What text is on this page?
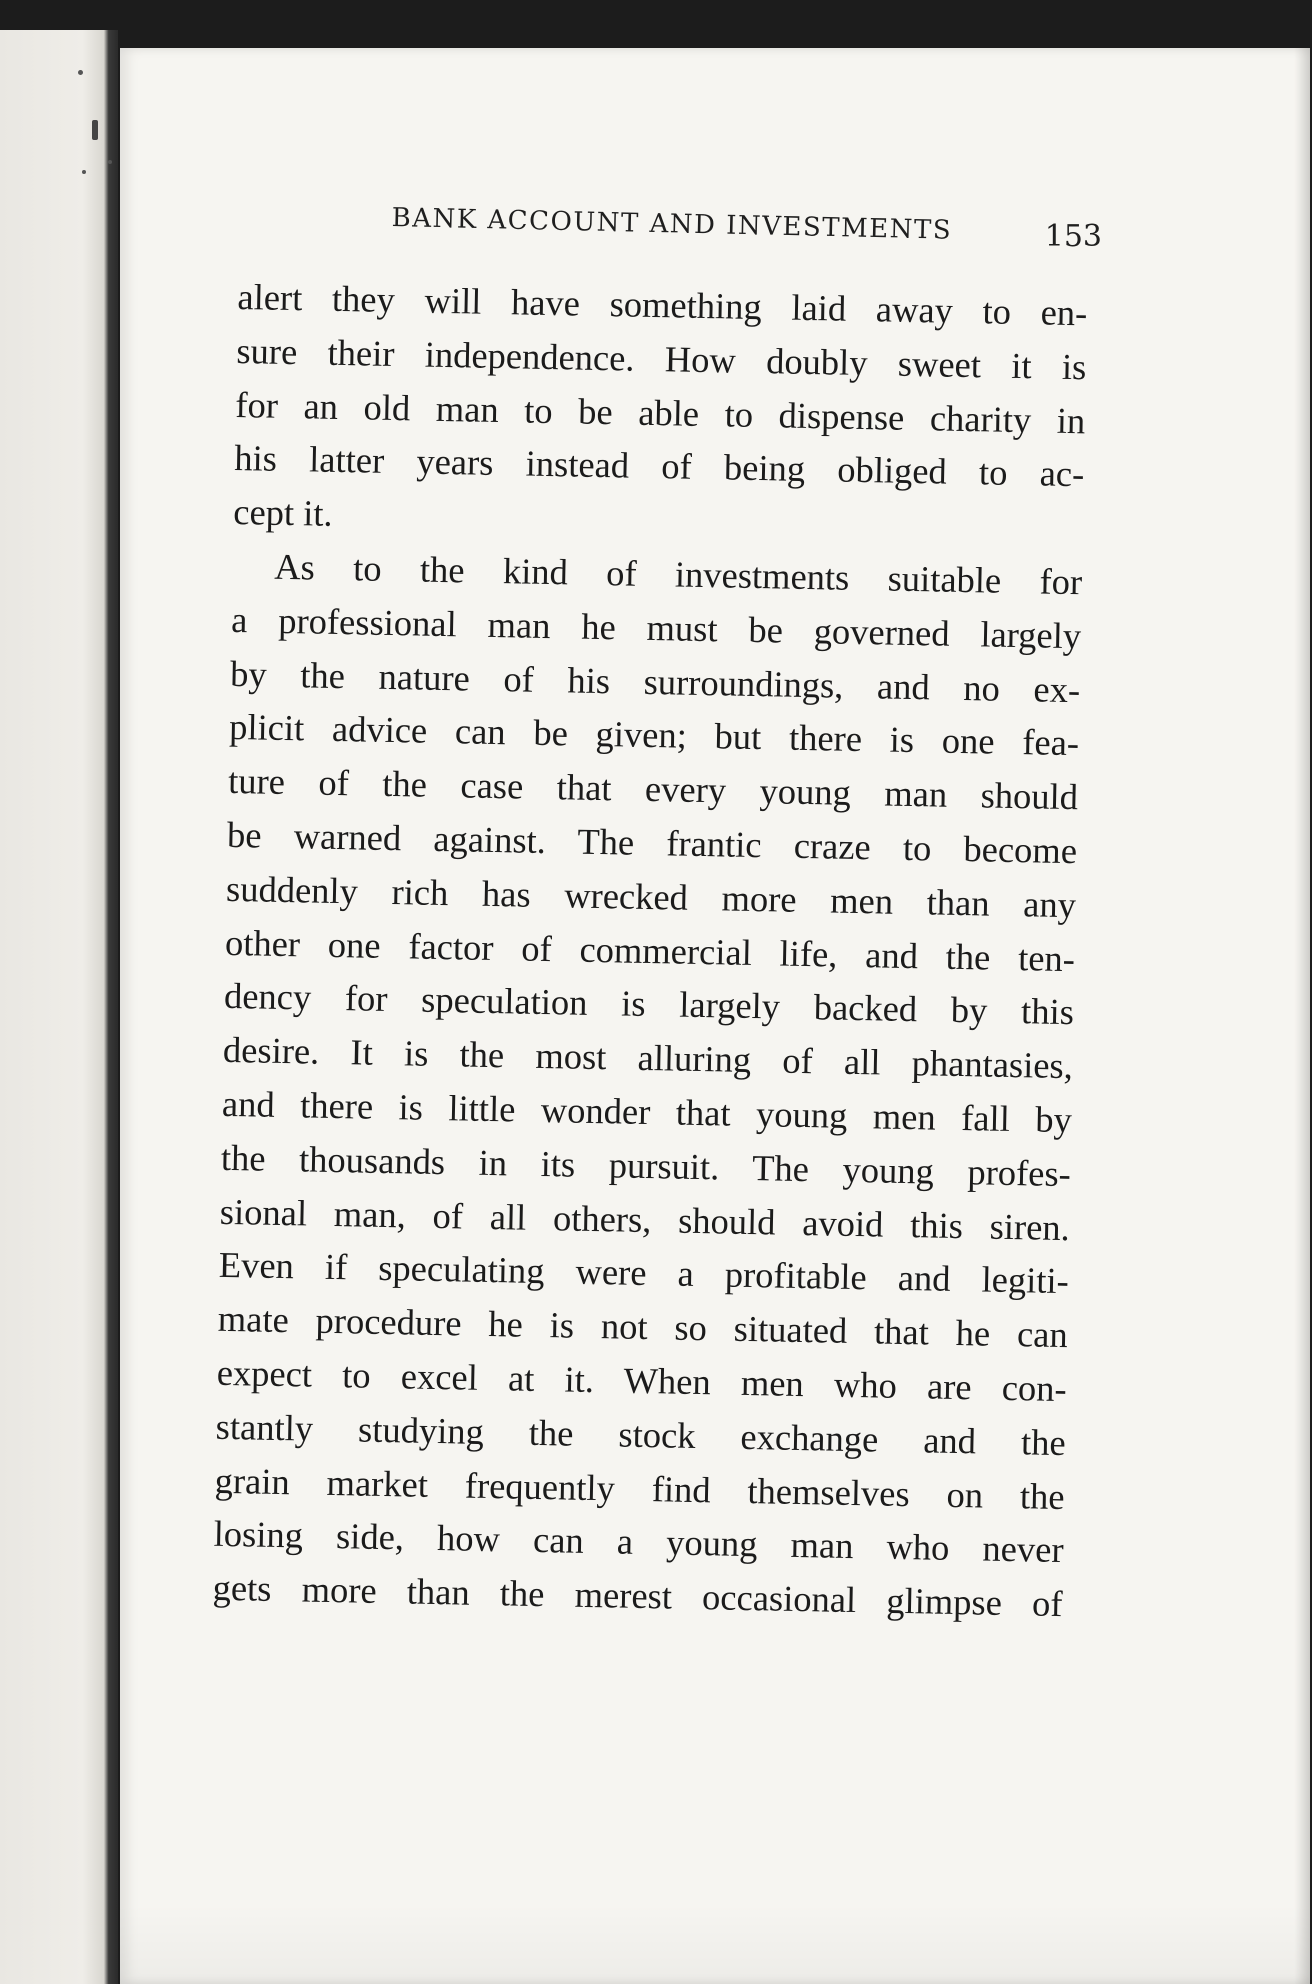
BANK ACCOUNT AND INVESTMENTS	153
alert they will have something laid away to en-
sure their independence. How doubly sweet it is
for an old man to be able to dispense charity in
his latter years instead of being obliged to ac-
cept it.
As to the kind of investments suitable for
a professional man he must be governed largely
by the nature of his surroundings, and no ex-
plicit advice can be given; but there is one fea-
ture of the case that every young man should
be warned against. The frantic craze to become
suddenly rich has wrecked more men than any
other one factor of commercial life, and the ten-
dency for speculation is largely backed by this
desire. It is the most alluring of all phantasies,
and there is little wonder that young men fall by
the thousands in its pursuit. The young profes-
sional man, of all others, should avoid this siren.
Even if speculating were a profitable and legiti-
mate procedure he is not so situated that he can
expect to excel at it. When men who are con-
stantly studying the stock exchange and the
grain market frequently find themselves on the
losing side, how can a young man who never
gets more than the merest occasional glimpse of
